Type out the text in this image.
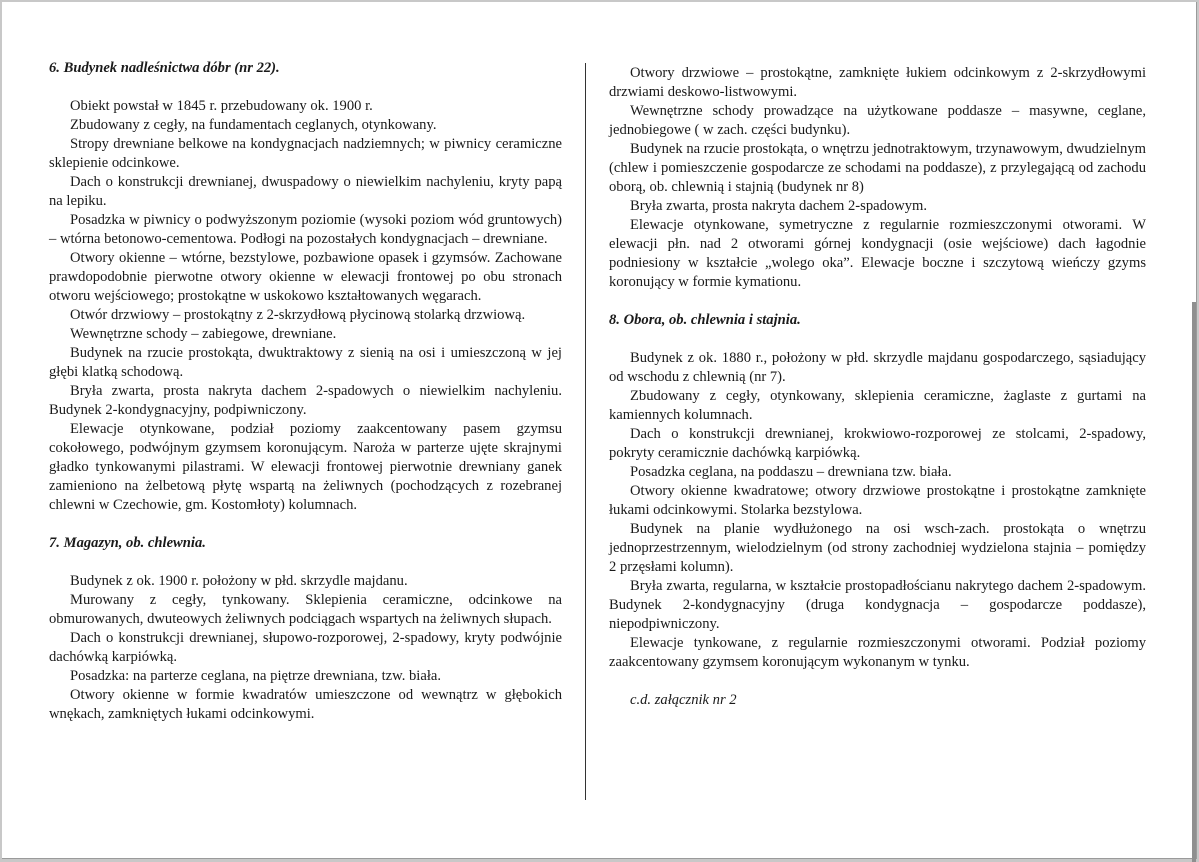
6. Budynek nadleśnictwa dóbr (nr 22).

Obiekt powstał w 1845 r. przebudowany ok. 1900 r.

Zbudowany z cegły, na fundamentach ceglanych, otynkowany.

Stropy drewniane belkowe na kondygnacjach nadziemnych; w piwnicy ceramiczne sklepienie odcinkowe.

Dach o konstrukcji drewnianej, dwuspadowy o niewielkim nachyleniu, kryty papą na lepiku.

Posadzka w piwnicy o podwyższonym poziomie (wysoki poziom wód gruntowych) – wtórna betonowo-cementowa. Podłogi na pozostałych kondygnacjach – drewniane.

Otwory okienne – wtórne, bezstylowe, pozbawione opasek i gzymsów. Zachowane prawdopodobnie pierwotne otwory okienne w elewacji frontowej po obu stronach otworu wejściowego; prostokątne w uskokowo kształtowanych węgarach.

Otwór drzwiowy – prostokątny z 2-skrzydłową płycinową stolarką drzwiową.

Wewnętrzne schody – zabiegowe, drewniane.

Budynek na rzucie prostokąta, dwuktraktowy z sienią na osi i umieszczoną w jej głębi klatką schodową.

Bryła zwarta, prosta nakryta dachem 2-spadowych o niewielkim nachyleniu. Budynek 2-kondygnacyjny, podpiwniczony.

Elewacje otynkowane, podział poziomy zaakcentowany pasem gzymsu cokołowego, podwójnym gzymsem koronującym. Naroża w parterze ujęte skrajnymi gładko tynkowanymi pilastrami. W elewacji frontowej pierwotnie drewniany ganek zamieniono na żelbetową płytę wspartą na żeliwnych (pochodzących z rozebranej chlewni w Czechowie, gm. Kostomłoty) kolumnach.

7. Magazyn, ob. chlewnia.

Budynek z ok. 1900 r. położony w płd. skrzydle majdanu.

Murowany z cegły, tynkowany. Sklepienia ceramiczne, odcinkowe na obmurowanych, dwuteowych żeliwnych podciągach wspartych na żeliwnych słupach.

Dach o konstrukcji drewnianej, słupowo-rozporowej, 2-spadowy, kryty podwójnie dachówką karpiówką.

Posadzka: na parterze ceglana, na piętrze drewniana, tzw. biała.

Otwory okienne w formie kwadratów umieszczone od wewnątrz w głębokich wnękach, zamkniętych łukami odcinkowymi.

Otwory drzwiowe – prostokątne, zamknięte łukiem odcinkowym z 2-skrzydłowymi drzwiami deskowo-listwowymi.

Wewnętrzne schody prowadzące na użytkowane poddasze – masywne, ceglane, jednobiegowe ( w zach. części budynku).

Budynek na rzucie prostokąta, o wnętrzu jednotraktowym, trzynawowym, dwudzielnym (chlew i pomieszczenie gospodarcze ze schodami na poddasze), z przylegającą od zachodu oborą, ob. chlewnią i stajnią (budynek nr 8)

Bryła zwarta, prosta nakryta dachem 2-spadowym.

Elewacje otynkowane, symetryczne z regularnie rozmieszczonymi otworami. W elewacji płn. nad 2 otworami górnej kondygnacji (osie wejściowe) dach łagodnie podniesiony w kształcie „wolego oka”. Elewacje boczne i szczytową wieńczy gzyms koronujący w formie kymationu.

8. Obora, ob. chlewnia i stajnia.

Budynek z ok. 1880 r., położony w płd. skrzydle majdanu gospodarczego, sąsiadujący od wschodu z chlewnią (nr 7).

Zbudowany z cegły, otynkowany, sklepienia ceramiczne, żaglaste z gurtami na kamiennych kolumnach.

Dach o konstrukcji drewnianej, krokwiowo-rozporowej ze stolcami, 2-spadowy, pokryty ceramicznie dachówką karpiówką.

Posadzka ceglana, na poddaszu – drewniana tzw. biała.

Otwory okienne kwadratowe; otwory drzwiowe prostokątne i prostokątne zamknięte łukami odcinkowymi. Stolarka bezstylowa.

Budynek na planie wydłużonego na osi wsch-zach. prostokąta o wnętrzu jednoprzestrzennym, wielodzielnym (od strony zachodniej wydzielona stajnia – pomiędzy 2 przęsłami kolumn).

Bryła zwarta, regularna, w kształcie prostopadłościanu nakrytego dachem 2-spadowym. Budynek 2-kondygnacyjny (druga kondygnacja – gospodarcze poddasze), niepodpiwniczony.

Elewacje tynkowane, z regularnie rozmieszczonymi otworami. Podział poziomy zaakcentowany gzymsem koronującym wykonanym w tynku.

c.d. załącznik nr 2
